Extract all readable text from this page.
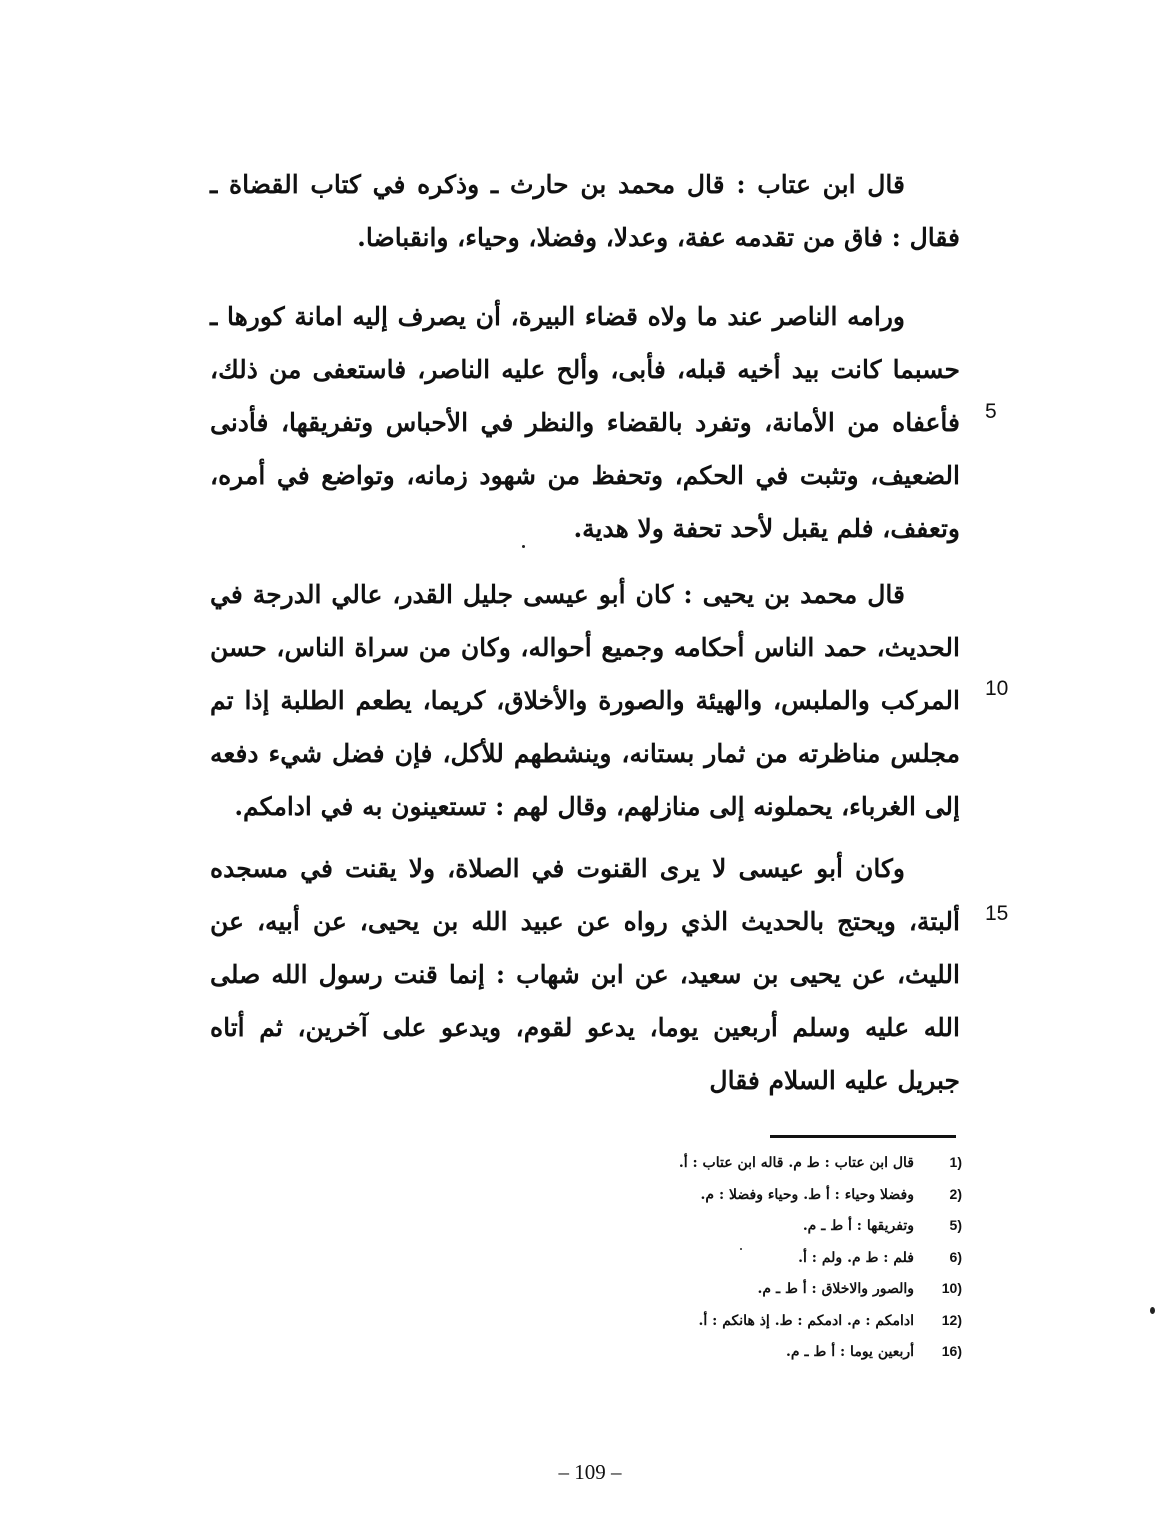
قال ابن عتاب : قال محمد بن حارث ـ وذكره في كتاب القضاة ـ فقال : فاق من تقدمه عفة، وعدلا، وفضلا، وحياء، وانقباضا.

ورامه الناصر عند ما ولاه قضاء البيرة، أن يصرف إليه امانة كورها ـ حسبما كانت بيد أخيه قبله، فأبى، وألح عليه الناصر، فاستعفى من ذلك، فأعفاه من الأمانة، وتفرد بالقضاء والنظر في الأحباس وتفريقها، فأدنى الضعيف، وتثبت في الحكم، وتحفظ من شهود زمانه، وتواضع في أمره، وتعفف، فلم يقبل لأحد تحفة ولا هدية.

قال محمد بن يحيى : كان أبو عيسى جليل القدر، عالي الدرجة في الحديث، حمد الناس أحكامه وجميع أحواله، وكان من سراة الناس، حسن المركب والملبس، والهيئة والصورة والأخلاق، كريما، يطعم الطلبة إذا تم مجلس مناظرته من ثمار بستانه، وينشطهم للأكل، فإن فضل شيء دفعه إلى الغرباء، يحملونه إلى منازلهم، وقال لهم : تستعينون به في ادامكم.

وكان أبو عيسى لا يرى القنوت في الصلاة، ولا يقنت في مسجده ألبتة، ويحتج بالحديث الذي رواه عن عبيد الله بن يحيى، عن أبيه، عن الليث، عن يحيى بن سعيد، عن ابن شهاب : إنما قنت رسول الله صلى الله عليه وسلم أربعين يوما، يدعو لقوم، ويدعو على آخرين، ثم أتاه جبريل عليه السلام فقال

5
10
15
1)
قال ابن عتاب : ط م. قاله ابن عتاب : أ.
2)
وفضلا وحياء : أ ط. وحياء وفضلا : م.
5)
وتفريقها : أ ط ـ م.
6)
فلم : ط م. ولم : أ.
10)
والصور والاخلاق : أ ط ـ م.
12)
ادامكم : م. ادمكم : ط. إذ هانكم : أ.
16)
أربعين يوما : أ ط ـ م.
– 109 –
